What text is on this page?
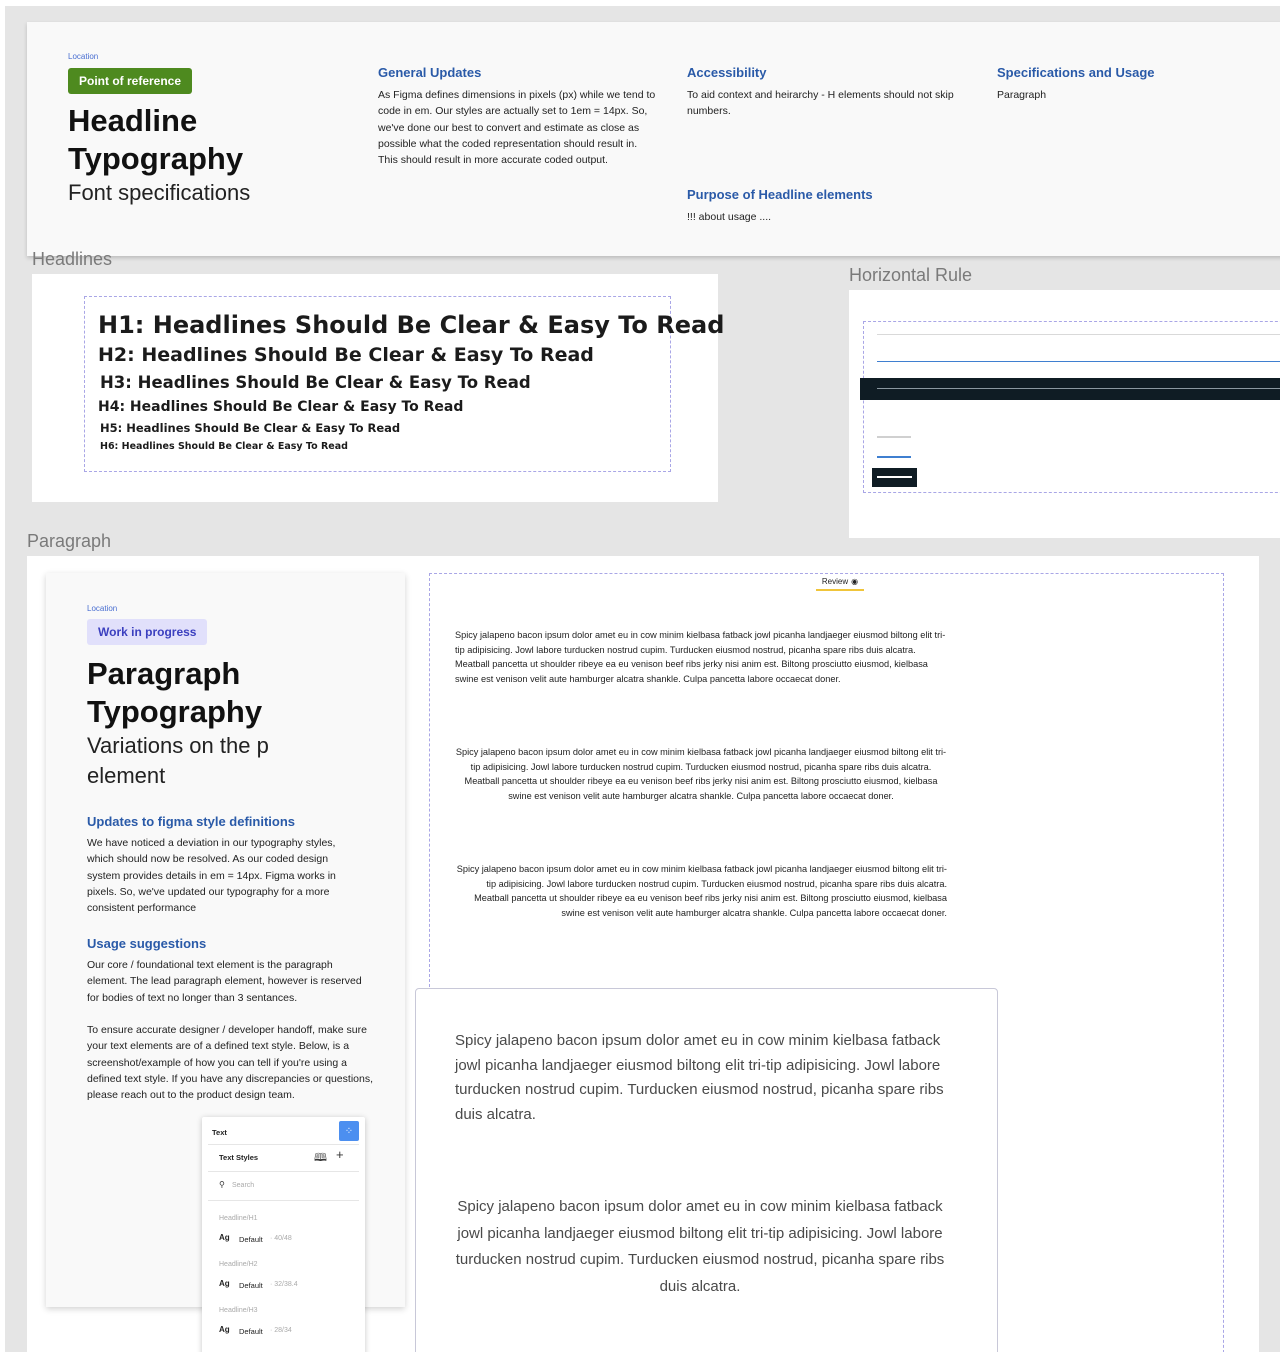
Location
Point of reference
Headline
Typography
Font specifications
General Updates
As Figma defines dimensions in pixels (px) while we tend to code in em. Our styles are actually set to 1em = 14px. So, we've done our best to convert and estimate as close as possible what the coded representation should result in. This should result in more accurate coded output.
Accessibility
To aid context and heirarchy - H elements should not skip numbers.
Purpose of Headline elements
!!! about usage ....
Specifications and Usage
Paragraph
Headlines
H1: Headlines Should Be Clear & Easy To Read
H2: Headlines Should Be Clear & Easy To Read
H3: Headlines Should Be Clear & Easy To Read
H4: Headlines Should Be Clear & Easy To Read
H5: Headlines Should Be Clear & Easy To Read
H6: Headlines Should Be Clear & Easy To Read
Horizontal Rule
Paragraph
Location
Work in progress
Paragraph
Typography
Variations on the p
element
Updates to figma style definitions
We have noticed a deviation in our typography styles, which should now be resolved. As our coded design system provides details in em = 14px. Figma works in pixels. So, we've updated our typography for a more consistent performance
Usage suggestions
Our core / foundational text element is the paragraph element. The lead paragraph element, however is reserved for bodies of text no longer than 3 sentances.
To ensure accurate designer / developer handoff, make sure your text elements are of a defined text style. Below, is a screenshot/example of how you can tell if you're using a defined text style. If you have any discrepancies or questions, please reach out to the product design team.
Text	⁘
Text Styles	🕮 +
⚲ Search
Headline/H1
Ag Default · 40/48
Headline/H2
Ag Default · 32/38.4
Headline/H3
Ag Default · 28/34
Review ◉
Spicy jalapeno bacon ipsum dolor amet eu in cow minim kielbasa fatback jowl picanha landjaeger eiusmod biltong elit tri-tip adipisicing. Jowl labore turducken nostrud cupim. Turducken eiusmod nostrud, picanha spare ribs duis alcatra. Meatball pancetta ut shoulder ribeye ea eu venison beef ribs jerky nisi anim est. Biltong prosciutto eiusmod, kielbasa swine est venison velit aute hamburger alcatra shankle. Culpa pancetta labore occaecat doner.
Spicy jalapeno bacon ipsum dolor amet eu in cow minim kielbasa fatback jowl picanha landjaeger eiusmod biltong elit tri-tip adipisicing. Jowl labore turducken nostrud cupim. Turducken eiusmod nostrud, picanha spare ribs duis alcatra. Meatball pancetta ut shoulder ribeye ea eu venison beef ribs jerky nisi anim est. Biltong prosciutto eiusmod, kielbasa swine est venison velit aute hamburger alcatra shankle. Culpa pancetta labore occaecat doner.
Spicy jalapeno bacon ipsum dolor amet eu in cow minim kielbasa fatback jowl picanha landjaeger eiusmod biltong elit tri-tip adipisicing. Jowl labore turducken nostrud cupim. Turducken eiusmod nostrud, picanha spare ribs duis alcatra. Meatball pancetta ut shoulder ribeye ea eu venison beef ribs jerky nisi anim est. Biltong prosciutto eiusmod, kielbasa swine est venison velit aute hamburger alcatra shankle. Culpa pancetta labore occaecat doner.
Spicy jalapeno bacon ipsum dolor amet eu in cow minim kielbasa fatback jowl picanha landjaeger eiusmod biltong elit tri-tip adipisicing. Jowl labore turducken nostrud cupim. Turducken eiusmod nostrud, picanha spare ribs duis alcatra.
Spicy jalapeno bacon ipsum dolor amet eu in cow minim kielbasa fatback jowl picanha landjaeger eiusmod biltong elit tri-tip adipisicing. Jowl labore turducken nostrud cupim. Turducken eiusmod nostrud, picanha spare ribs duis alcatra.
